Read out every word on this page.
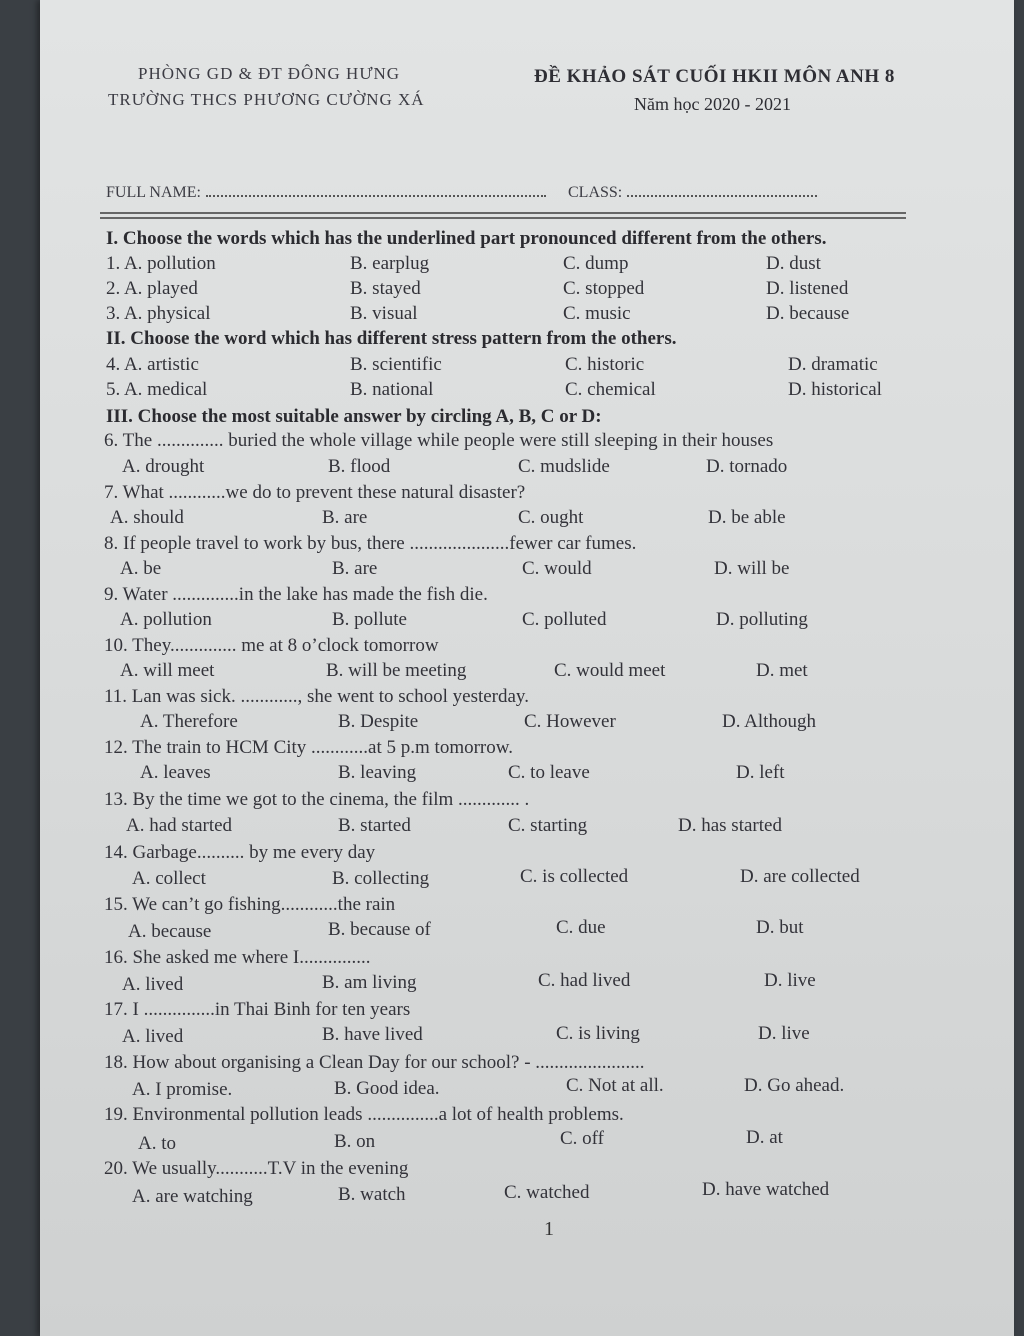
PHÒNG GD & ĐT ĐÔNG HƯNG
TRƯỜNG THCS PHƯƠNG CƯỜNG XÁ
ĐỀ KHẢO SÁT CUỐI HKII MÔN ANH 8
Năm học 2020 - 2021
FULL NAME:	CLASS:
I. Choose the words which has the underlined part pronounced different from the others.
II. Choose the word which has different stress pattern from the others.
III. Choose the most suitable answer by circling A, B, C or D:
1. A. pollution	B. earplug	C. dump	D. dust
2. A. played	B. stayed	C. stopped	D. listened
3. A. physical	B. visual	C. music	D. because
4. A. artistic	B. scientific	C. historic	D. dramatic
5. A. medical	B. national	C. chemical	D. historical
6. The .............. buried the whole village while people were still sleeping in their houses
A. drought	B. flood	C. mudslide	D. tornado
7. What ............we do to prevent these natural disaster?
A. should	B. are	C. ought	D. be able
8. If people travel to work by bus, there .....................fewer car fumes.
A. be	B. are	C. would	D. will be
9. Water ..............in the lake has made the fish die.
A. pollution	B. pollute	C. polluted	D. polluting
10. They.............. me at 8 o’clock tomorrow
A. will meet	B. will be meeting	C. would meet	D. met
11. Lan was sick. ............, she went to school yesterday.
A. Therefore	B. Despite	C. However	D. Although
12. The train to HCM City ............at 5 p.m tomorrow.
A. leaves	B. leaving	C. to leave	D. left
13. By the time we got to the cinema, the film ............. .
A. had started	B. started	C. starting	D. has started
14. Garbage.......... by me every day
A. collect	B. collecting	C. is collected	D. are collected
15. We can’t go fishing............the rain
A. because	B. because of	C. due	D. but
16. She asked me where I...............
A. lived	B. am living	C. had lived	D. live
17. I ...............in Thai Binh for ten years
A. lived	B. have lived	C. is living	D. live
18. How about organising a Clean Day for our school? - .......................
A. I promise.	B. Good idea.	C. Not at all.	D. Go ahead.
19. Environmental pollution leads ...............a lot of health problems.
A. to	B. on	C. off	D. at
20. We usually...........T.V in the evening
A. are watching	B. watch	C. watched	D. have watched
1
